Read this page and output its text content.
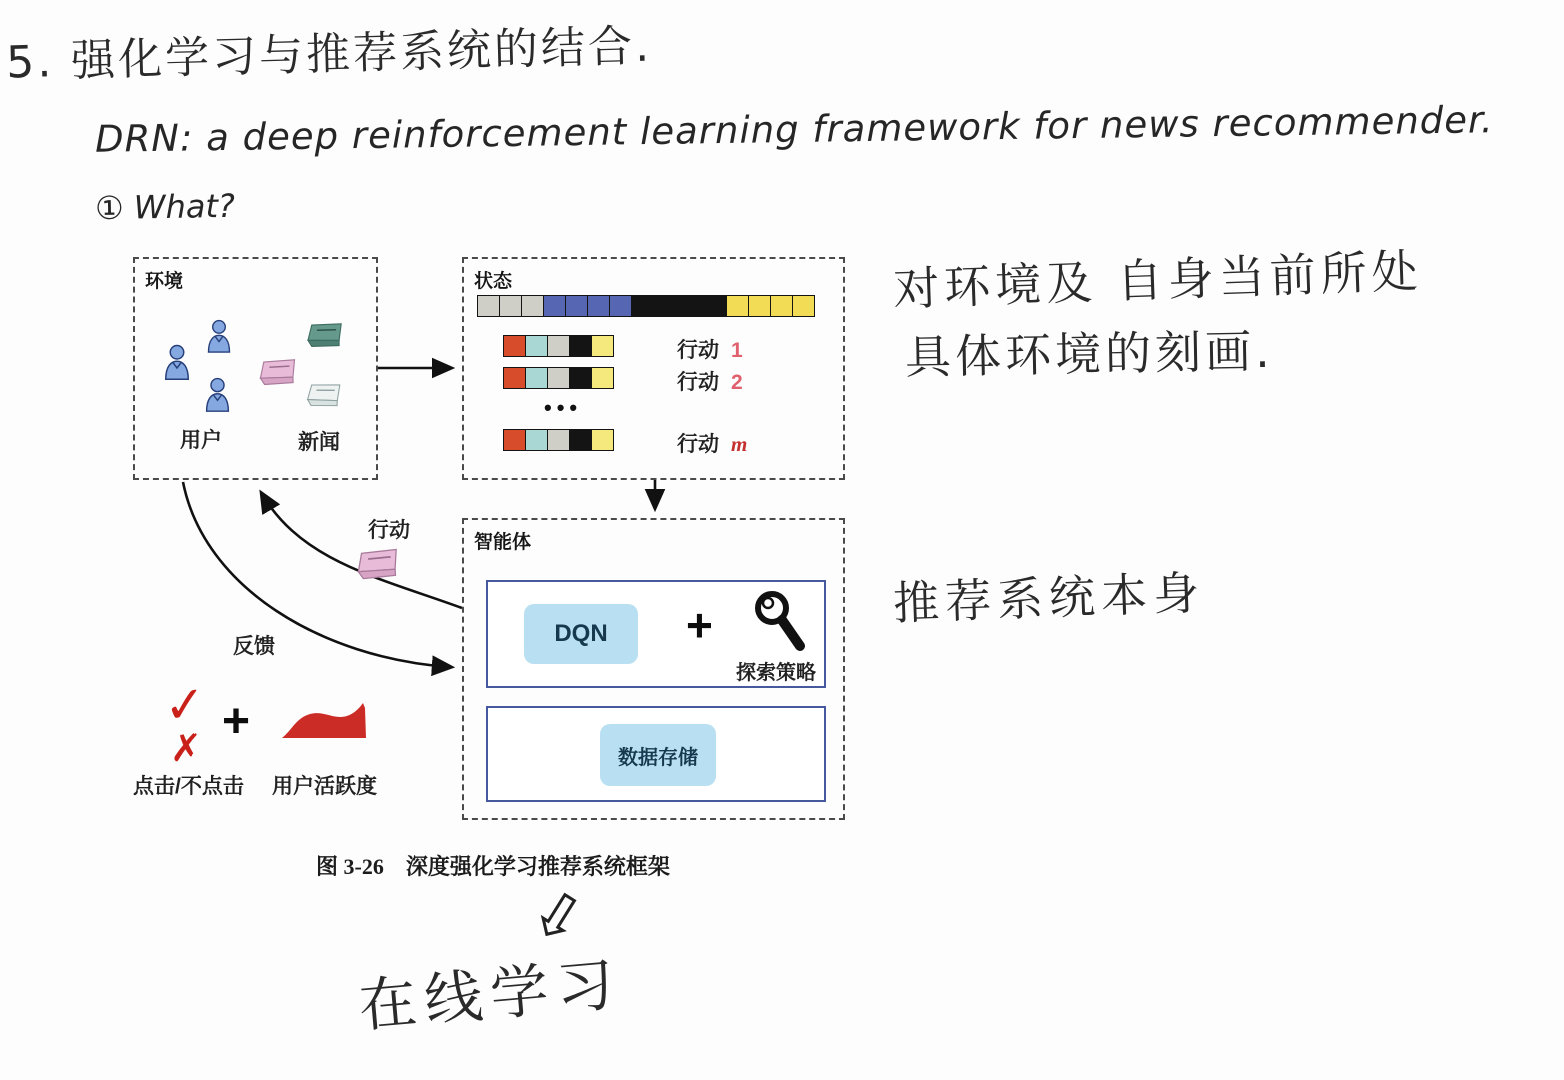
5. 强化学习与推荐系统的结合.
DRN: a deep reinforcement learning framework for news recommender.
① What?
对环境及 自身当前所处
具体环境的刻画.
推荐系统本身
环境
用户	新闻
状态
行动 1
行动 2
•••
行动 m
智能体
DQN +
探索策略
数据存储
行动
反馈
✓
✗
+
点击/不点击 用户活跃度
图 3-26　深度强化学习推荐系统框架
⇩
在线学习
